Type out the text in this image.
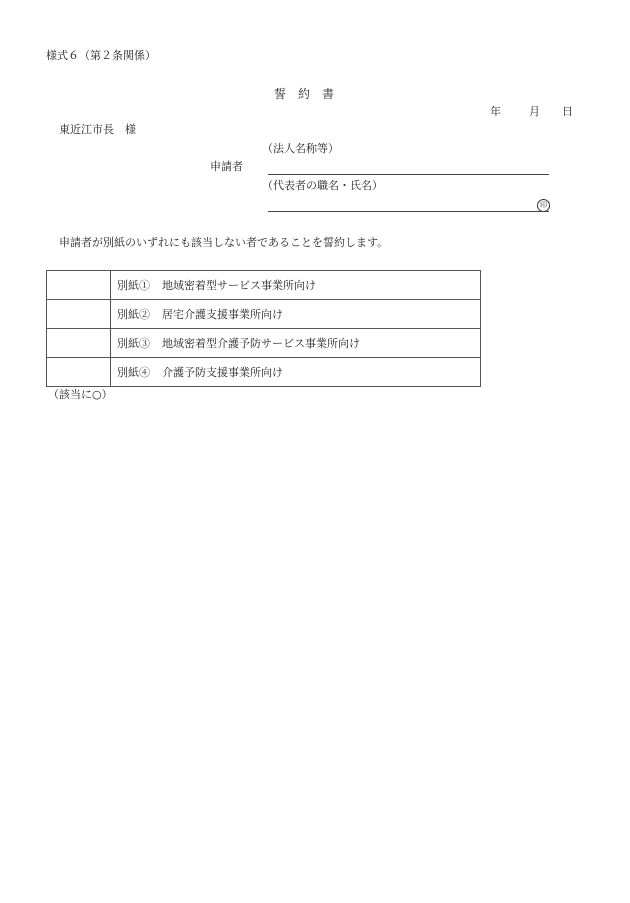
様式６（第２条関係）
誓　約　書
年	月 日
東近江市長　様
（法人名称等）
申請者
（代表者の職名・氏名）
印
申請者が別紙のいずれにも該当しない者であることを誓約します。
	別紙① 地域密着型サービス事業所向け
	別紙② 居宅介護支援事業所向け
	別紙③ 地域密着型介護予防サービス事業所向け
	別紙④ 介護予防支援事業所向け
（該当に○）
